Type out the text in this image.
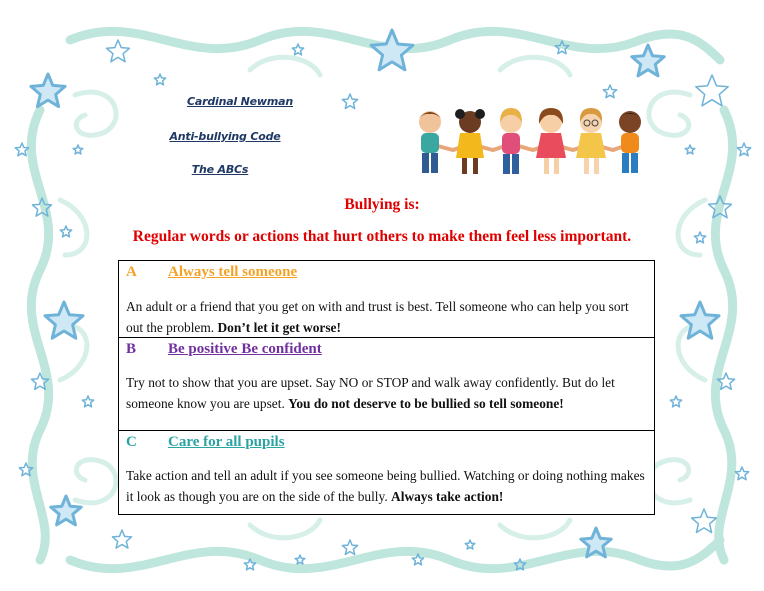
Cardinal Newman
Anti-bullying Code
The ABCs
Bullying is:
Regular words or actions that hurt others to make them feel less important.
A Always tell someone
An adult or a friend that you get on with and trust is best. Tell someone who can help you sort out the problem. Don’t let it get worse!
B Be positive Be confident
Try not to show that you are upset. Say NO or STOP and walk away confidently. But do let someone know you are upset. You do not deserve to be bullied so tell someone!
C Care for all pupils
Take action and tell an adult if you see someone being bullied. Watching or doing nothing makes it look as though you are on the side of the bully. Always take action!
